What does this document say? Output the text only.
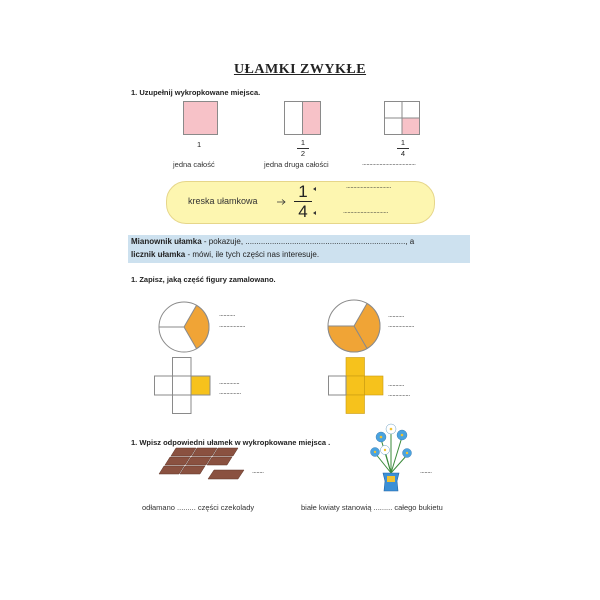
UŁAMKI ZWYKŁE
1. Uzupełnij wykropkowane miejsca.
1
jedna całość
$\frac{1}{2}$
jedna druga całości
$\frac{1}{4}$
.....................................
kreska ułamkowa	1
4
...............................
...............................
Mianownik ułamka - pokazuje, ........................................................................, a
licznik ułamka - mówi, ile tych części nas interesuje.
1. Zapisz, jaką część figury zamalowano.
...........
..................
...........
..................
..............
...............
...........
...............
1. Wpisz odpowiedni ułamek w wykropkowane miejsca .
........	........
odłamano ......... części czekolady	białe kwiaty stanowią ......... całego bukietu
